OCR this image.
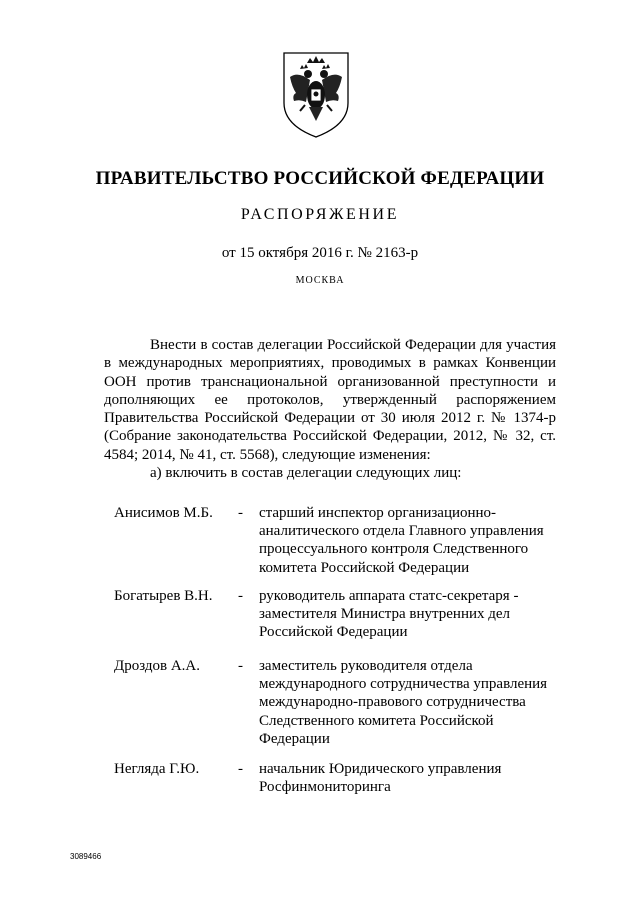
ПРАВИТЕЛЬСТВО РОССИЙСКОЙ ФЕДЕРАЦИИ
РАСПОРЯЖЕНИЕ
от 15 октября 2016 г. № 2163-р
МОСКВА

Внести в состав делегации Российской Федерации для участия в международных мероприятиях, проводимых в рамках Конвенции ООН против транснациональной организованной преступности и дополняющих ее протоколов, утвержденный распоряжением Правительства Российской Федерации от 30 июля 2012 г. № 1374-р (Собрание законодательства Российской Федерации, 2012, № 32, ст. 4584; 2014, № 41, ст. 5568), следующие изменения:

а) включить в состав делегации следующих лиц:

Анисимов М.Б. - старший инспектор организационно-аналитического отдела Главного управления процессуального контроля Следственного комитета Российской Федерации
Богатырев В.Н. - руководитель аппарата статс-секретаря - заместителя Министра внутренних дел Российской Федерации
Дроздов А.А.	- заместитель руководителя отдела международного сотрудничества управления международно-правового сотрудничества Следственного комитета Российской Федерации
Негляда Г.Ю.	- начальник Юридического управления Росфинмониторинга
3089466
